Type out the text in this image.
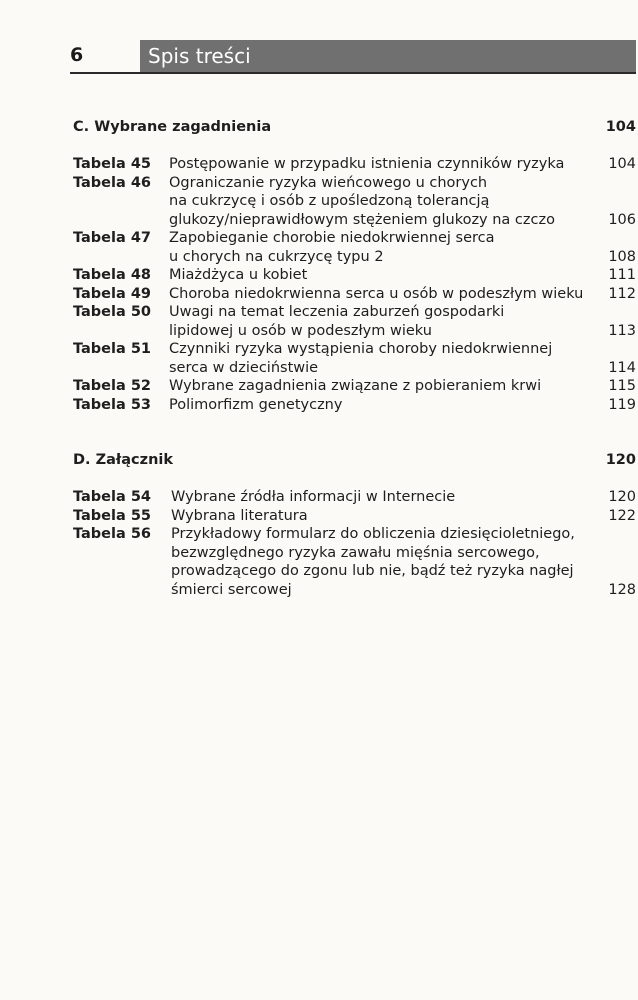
6	Spis treści
C. Wybrane zagadnienia	104
Tabela 45 Postępowanie w przypadku istnienia czynników ryzyka	104
Tabela 46 Ograniczanie ryzyka wieńcowego u chorych
na cukrzycę i osób z upośledzoną tolerancją
glukozy/nieprawidłowym stężeniem glukozy na czczo	106
Tabela 47 Zapobieganie chorobie niedokrwiennej serca
u chorych na cukrzycę typu 2	108
Tabela 48 Miażdżyca u kobiet	111
Tabela 49 Choroba niedokrwienna serca u osób w podeszłym wieku 112
Tabela 50 Uwagi na temat leczenia zaburzeń gospodarki
lipidowej u osób w podeszłym wieku	113
Tabela 51 Czynniki ryzyka wystąpienia choroby niedokrwiennej
serca w dzieciństwie	114
Tabela 52 Wybrane zagadnienia związane z pobieraniem krwi	115
Tabela 53 Polimorfizm genetyczny	119
D. Załącznik	120
Tabela 54 Wybrane źródła informacji w Internecie	120
Tabela 55 Wybrana literatura	122
Tabela 56 Przykładowy formularz do obliczenia dziesięcioletniego,
bezwzględnego ryzyka zawału mięśnia sercowego,
prowadzącego do zgonu lub nie, bądź też ryzyka nagłej
śmierci sercowej	128
